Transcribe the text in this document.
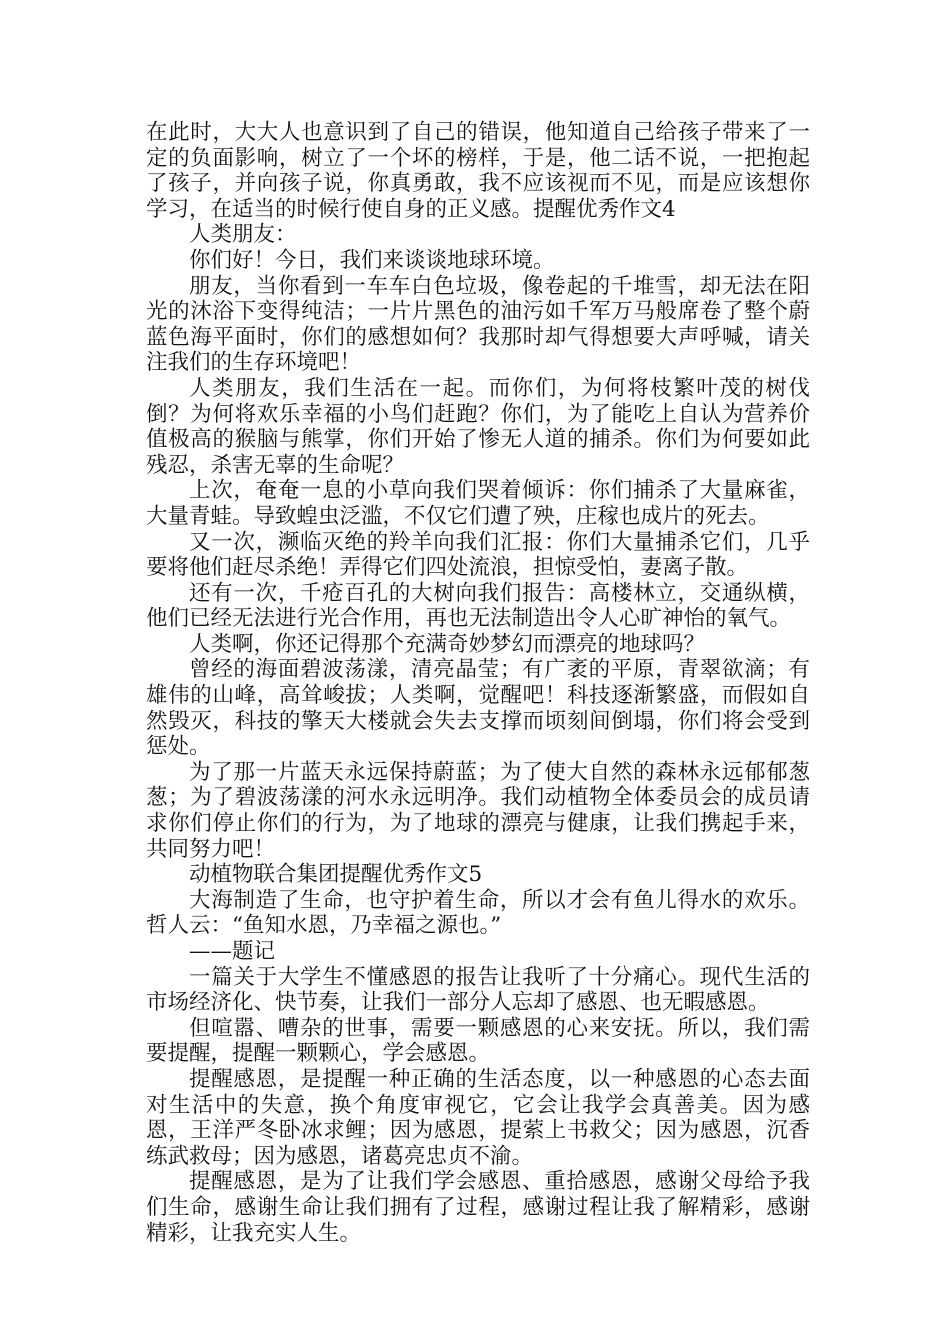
在此时，大大人也意识到了自己的错误，他知道自己给孩子带来了一定的负面影响，树立了一个坏的榜样，于是，他二话不说，一把抱起了孩子，并向孩子说，你真勇敢，我不应该视而不见，而是应该想你学习，在适当的时候行使自身的正义感。提醒优秀作文4

人类朋友：

你们好！今日，我们来谈谈地球环境。

朋友，当你看到一车车白色垃圾，像卷起的千堆雪，却无法在阳光的沐浴下变得纯洁；一片片黑色的油污如千军万马般席卷了整个蔚蓝色海平面时，你们的感想如何？我那时却气得想要大声呼喊，请关注我们的生存环境吧！

人类朋友，我们生活在一起。而你们，为何将枝繁叶茂的树伐倒？为何将欢乐幸福的小鸟们赶跑？你们，为了能吃上自认为营养价值极高的猴脑与熊掌，你们开始了惨无人道的捕杀。你们为何要如此残忍，杀害无辜的生命呢？

上次，奄奄一息的小草向我们哭着倾诉：你们捕杀了大量麻雀，大量青蛙。导致蝗虫泛滥，不仅它们遭了殃，庄稼也成片的死去。

又一次，濒临灭绝的羚羊向我们汇报：你们大量捕杀它们，几乎要将他们赶尽杀绝！弄得它们四处流浪，担惊受怕，妻离子散。

还有一次，千疮百孔的大树向我们报告：高楼林立，交通纵横，他们已经无法进行光合作用，再也无法制造出令人心旷神怡的氧气。

人类啊，你还记得那个充满奇妙梦幻而漂亮的地球吗？

曾经的海面碧波荡漾，清亮晶莹；有广袤的平原，青翠欲滴；有雄伟的山峰，高耸峻拔；人类啊，觉醒吧！科技逐渐繁盛，而假如自然毁灭，科技的擎天大楼就会失去支撑而顷刻间倒塌，你们将会受到惩处。

为了那一片蓝天永远保持蔚蓝；为了使大自然的森林永远郁郁葱葱；为了碧波荡漾的河水永远明净。我们动植物全体委员会的成员请求你们停止你们的行为，为了地球的漂亮与健康，让我们携起手来，共同努力吧！

动植物联合集团提醒优秀作文5

大海制造了生命，也守护着生命，所以才会有鱼儿得水的欢乐。哲人云：“鱼知水恩，乃幸福之源也。”

——题记

一篇关于大学生不懂感恩的报告让我听了十分痛心。现代生活的市场经济化、快节奏，让我们一部分人忘却了感恩、也无暇感恩。

但喧嚣、嘈杂的世事，需要一颗感恩的心来安抚。所以，我们需要提醒，提醒一颗颗心，学会感恩。

提醒感恩，是提醒一种正确的生活态度，以一种感恩的心态去面对生活中的失意，换个角度审视它，它会让我学会真善美。因为感恩，王洋严冬卧冰求鲤；因为感恩，提萦上书救父；因为感恩，沉香练武救母；因为感恩，诸葛亮忠贞不渝。

提醒感恩，是为了让我们学会感恩、重拾感恩，感谢父母给予我们生命，感谢生命让我们拥有了过程，感谢过程让我了解精彩，感谢精彩，让我充实人生。
